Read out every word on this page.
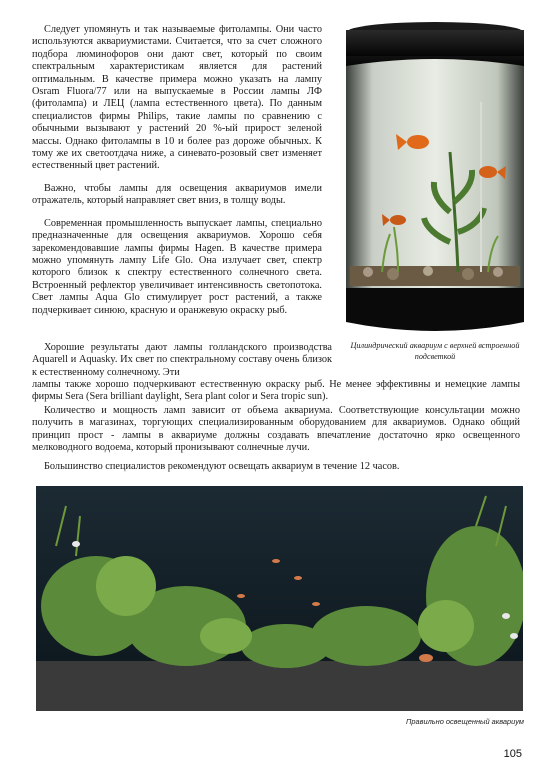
Следует упомянуть и так называемые фитолампы. Они часто используются аквариумистами. Считается, что за счет сложного подбора люминофоров они дают свет, который по своим спектральным характеристикам является для растений оптимальным. В качестве примера можно указать на лампу Osram Fluora/77 или на выпускаемые в России лампы ЛФ (фитолампа) и ЛЕЦ (лампа естественного цвета). По данным специалистов фирмы Philips, такие лампы по сравнению с обычными вызывают у растений 20 %-ый прирост зеленой массы. Однако фитолампы в 10 и более раз дороже обычных. К тому же их светоотдача ниже, а синевато-розовый свет изменяет естественный цвет растений.

Важно, чтобы лампы для освещения аквариумов имели отражатель, который направляет свет вниз, в толщу воды.

Современная промышленность выпускает лампы, специально предназначенные для освещения аквариумов. Хорошо себя зарекомендовавшие лампы фирмы Hagen. В качестве примера можно упомянуть лампу Life Glo. Она излучает свет, спектр которого близок к спектру естественного солнечного света. Встроенный рефлектор увеличивает интенсивность светопотока. Свет лампы Aqua Glo стимулирует рост растений, а также подчеркивает синюю, красную и оранжевую окраску рыб.

Хорошие результаты дают лампы голландского производства Aquarell и Aquasky. Их свет по спектральному составу очень близок к естественному солнечному. Эти

лампы также хорошо подчеркивают естественную окраску рыб. Не менее эффективны и немецкие лампы фирмы Sera (Sera brilliant daylight, Sera plant color и Sera tropic sun).

Количество и мощность ламп зависит от объема аквариума. Соответствующие консультации можно получить в магазинах, торгующих специализированным оборудованием для аквариумов. Однако общий принцип прост - лампы в аквариуме должны создавать впечатление достаточно ярко освещенного мелководного водоема, который пронизывают солнечные лучи.

Большинство специалистов рекомендуют освещать аквариум в течение 12 часов.

Цилиндрический аквариум с верхней встроенной подсветкой
Правильно освещенный аквариум
105
